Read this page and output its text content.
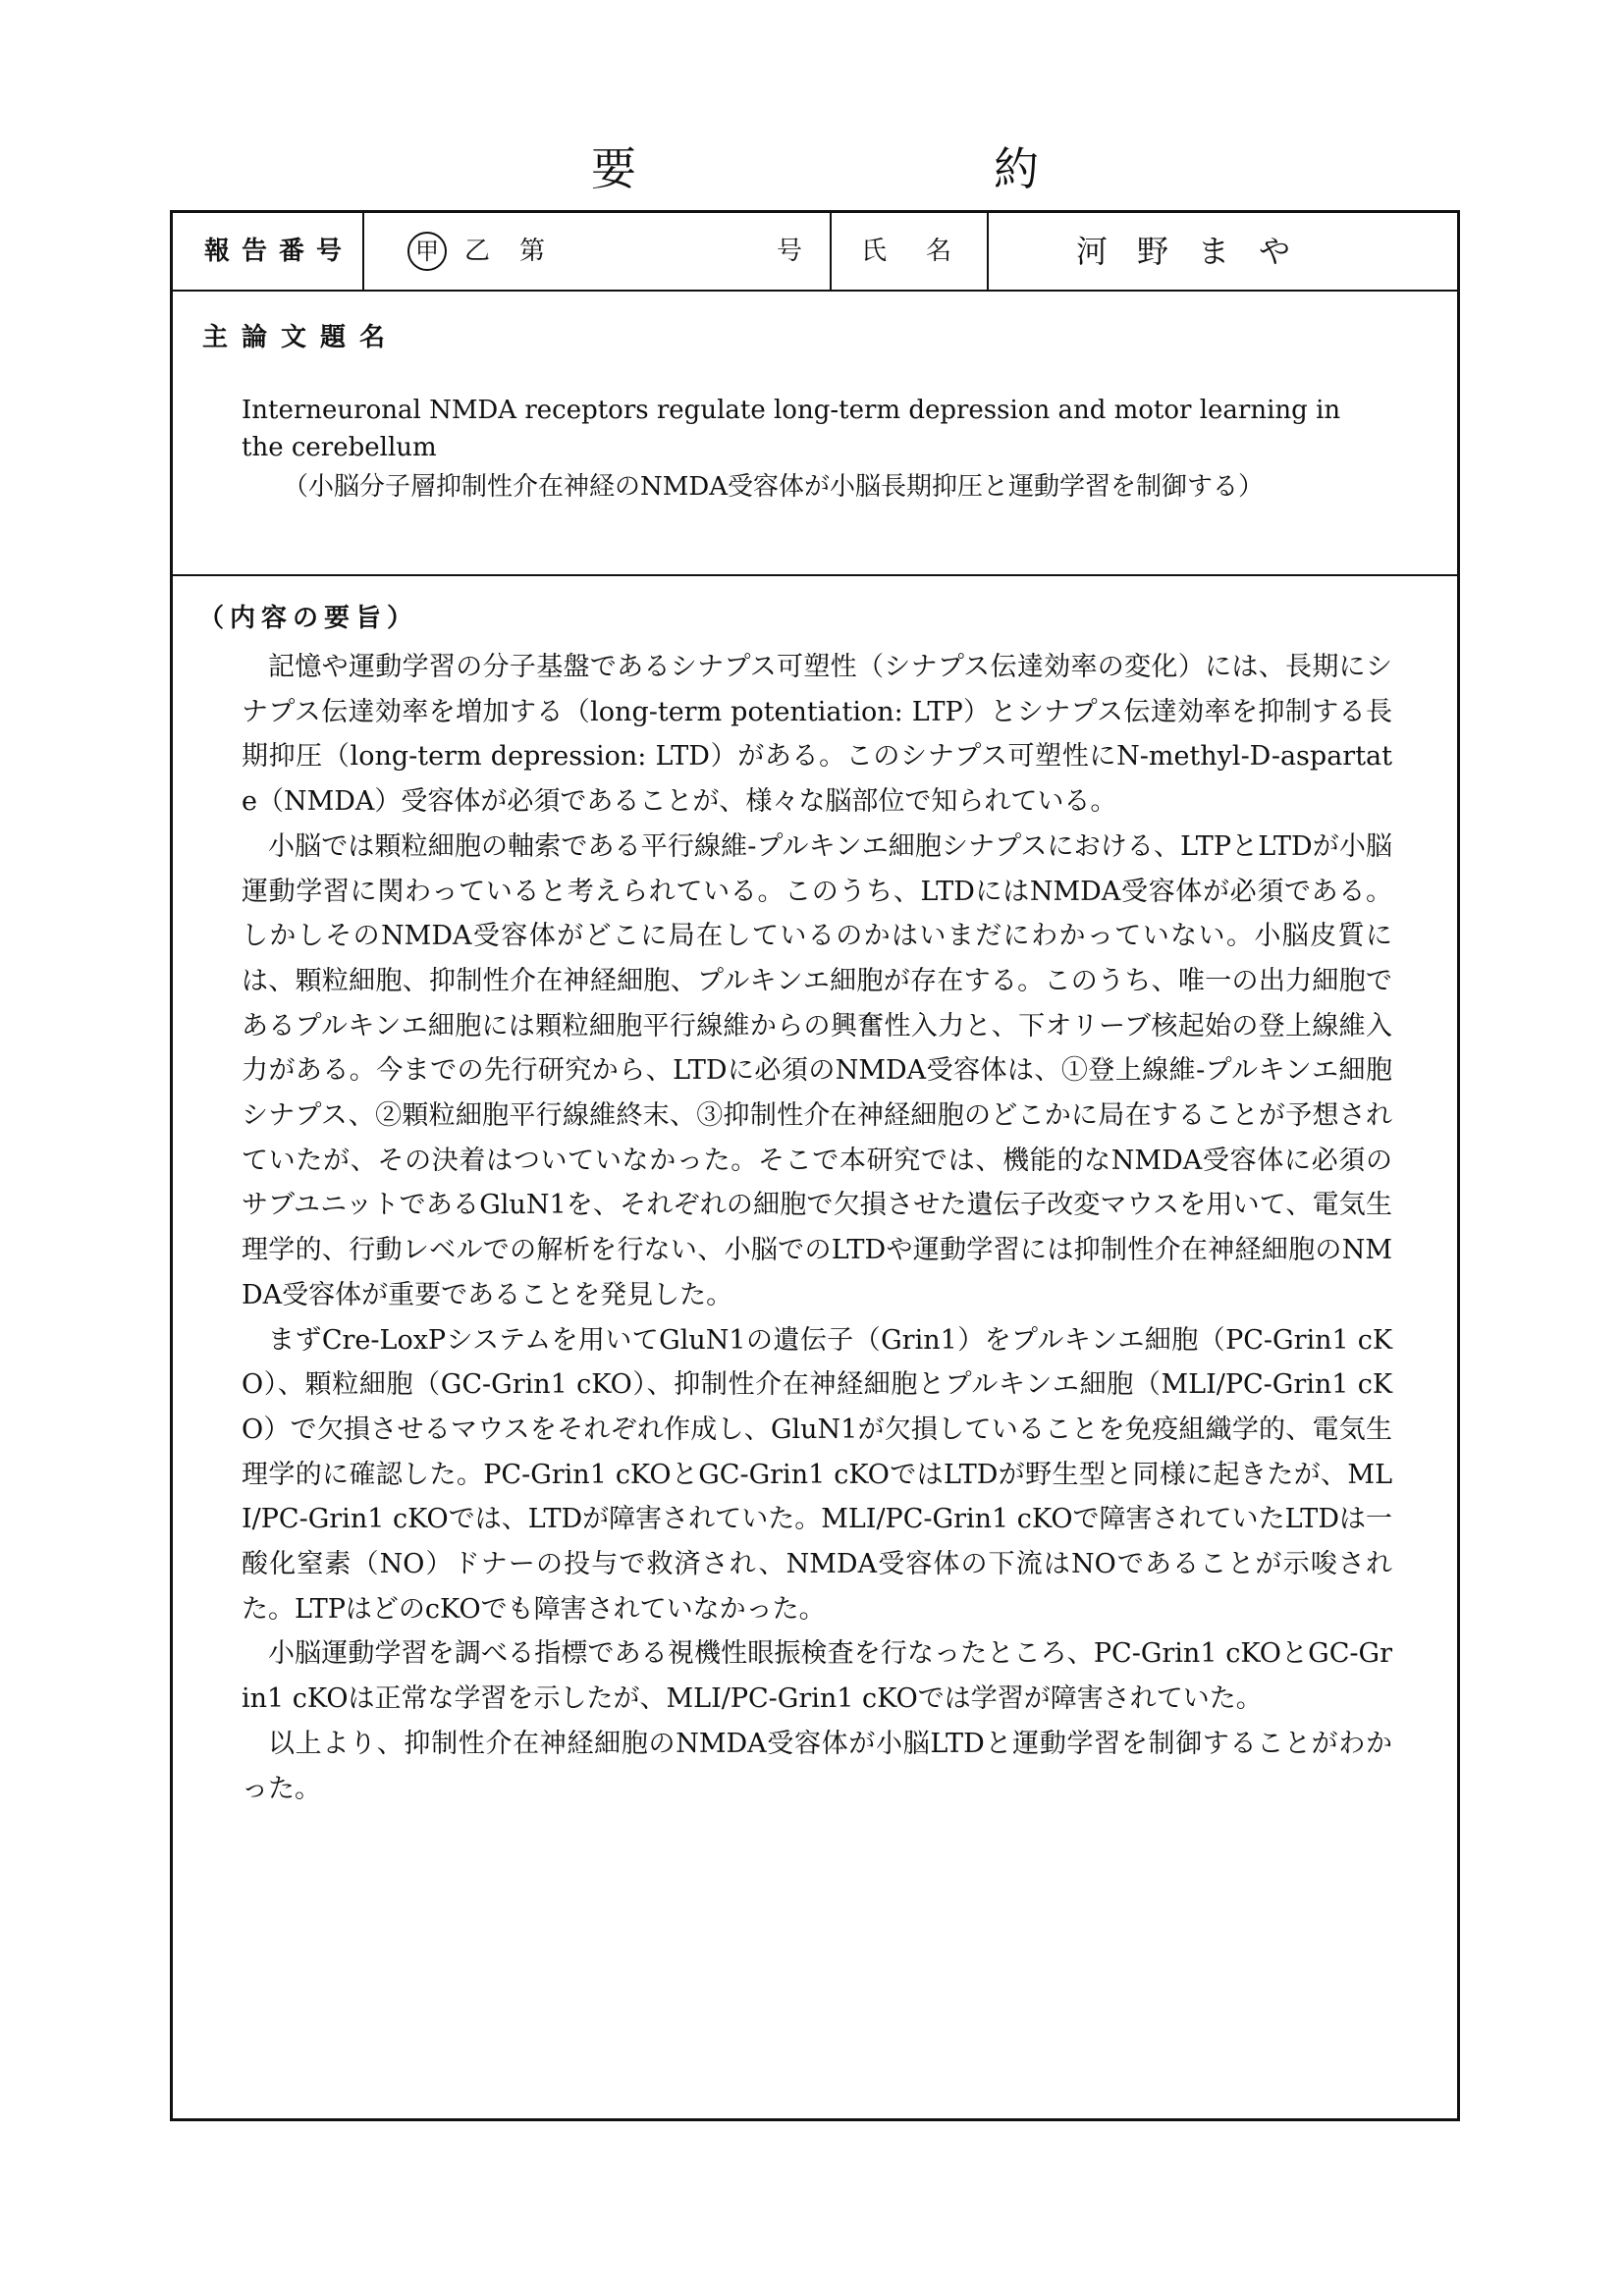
要	約
報告番号	甲	乙 第	号 氏名	河野まや
主論文題名
Interneuronal NMDA receptors regulate long-term depression and motor learning in the cerebellum
（小脳分子層抑制性介在神経のNMDA受容体が小脳長期抑圧と運動学習を制御する）
（内容の要旨）

記憶や運動学習の分子基盤であるシナプス可塑性（シナプス伝達効率の変化）には、長期にシナプス伝達効率を増加する（long-term potentiation: LTP）とシナプス伝達効率を抑制する長期抑圧（long-term depression: LTD）がある。このシナプス可塑性にN-methyl-D-aspartate（NMDA）受容体が必須であることが、様々な脳部位で知られている。

小脳では顆粒細胞の軸索である平行線維-プルキンエ細胞シナプスにおける、LTPとLTDが小脳運動学習に関わっていると考えられている。このうち、LTDにはNMDA受容体が必須である。しかしそのNMDA受容体がどこに局在しているのかはいまだにわかっていない。小脳皮質には、顆粒細胞、抑制性介在神経細胞、プルキンエ細胞が存在する。このうち、唯一の出力細胞であるプルキンエ細胞には顆粒細胞平行線維からの興奮性入力と、下オリーブ核起始の登上線維入力がある。今までの先行研究から、LTDに必須のNMDA受容体は、①登上線維-プルキンエ細胞シナプス、②顆粒細胞平行線維終末、③抑制性介在神経細胞のどこかに局在することが予想されていたが、その決着はついていなかった。そこで本研究では、機能的なNMDA受容体に必須のサブユニットであるGluN1を、それぞれの細胞で欠損させた遺伝子改変マウスを用いて、電気生理学的、行動レベルでの解析を行ない、小脳でのLTDや運動学習には抑制性介在神経細胞のNMDA受容体が重要であることを発見した。

まずCre-LoxPシステムを用いてGluN1の遺伝子（Grin1）をプルキンエ細胞（PC-Grin1 cKO）、顆粒細胞（GC-Grin1 cKO）、抑制性介在神経細胞とプルキンエ細胞（MLI/PC-Grin1 cKO）で欠損させるマウスをそれぞれ作成し、GluN1が欠損していることを免疫組織学的、電気生理学的に確認した。PC-Grin1 cKOとGC-Grin1 cKOではLTDが野生型と同様に起きたが、MLI/PC-Grin1 cKOでは、LTDが障害されていた。MLI/PC-Grin1 cKOで障害されていたLTDは一酸化窒素（NO）ドナーの投与で救済され、NMDA受容体の下流はNOであることが示唆された。LTPはどのcKOでも障害されていなかった。

小脳運動学習を調べる指標である視機性眼振検査を行なったところ、PC-Grin1 cKOとGC-Grin1 cKOは正常な学習を示したが、MLI/PC-Grin1 cKOでは学習が障害されていた。

以上より、抑制性介在神経細胞のNMDA受容体が小脳LTDと運動学習を制御することがわかった。
